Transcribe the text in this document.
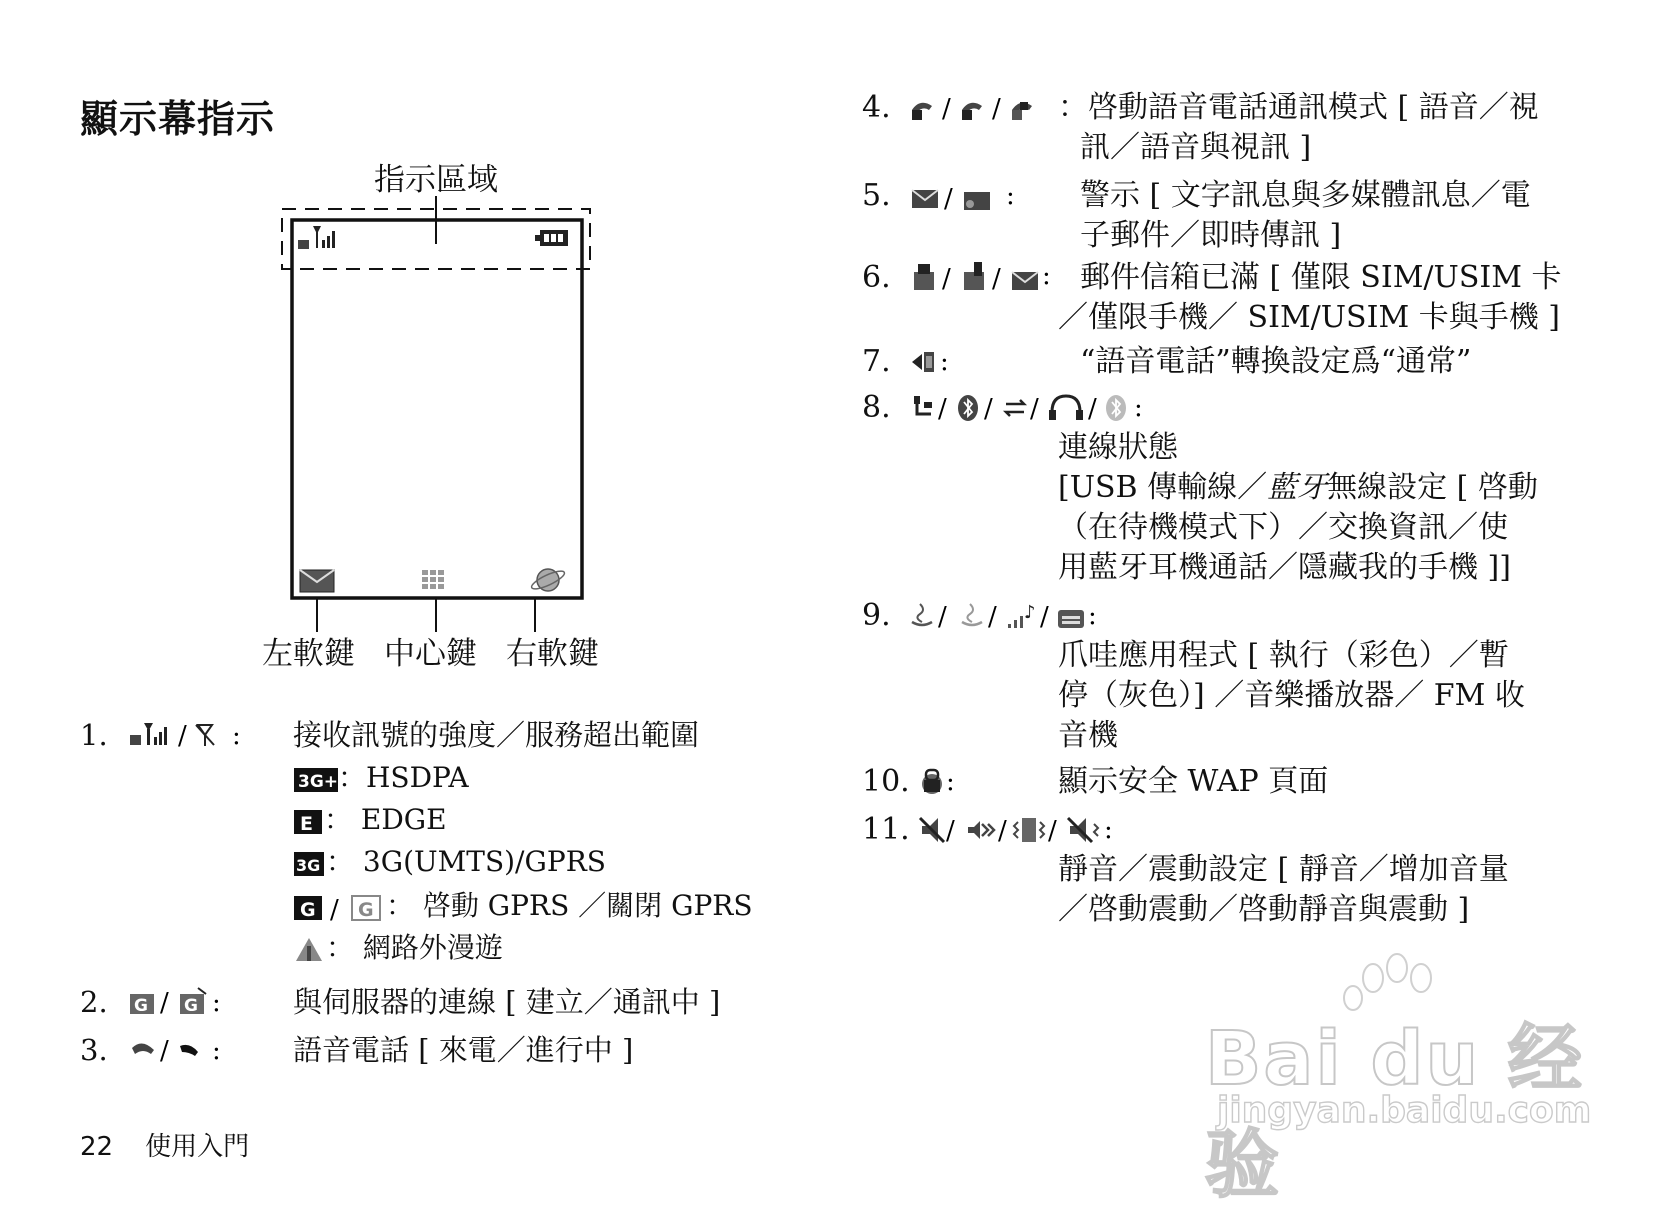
顯示幕指示
指示區域
左軟鍵 中心鍵 右軟鍵
1.	/ : 接收訊號的強度／服務超出範圍
3G+ ：HSDPA
E ： EDGE
3G ： 3G(UMTS)/GPRS
G / G ： 啓動 GPRS ／關閉 GPRS
： 網路外漫遊
2. G / G : 與伺服器的連線 [ 建立／通訊中 ]
3. / : 語音電話 [ 來電／進行中 ]
4. / / ：啓動語音電話通訊模式 [ 語音／視
訊／語音與視訊 ]
5. / : 警示 [ 文字訊息與多媒體訊息／電
子郵件／即時傳訊 ]
6. / / : 郵件信箱已滿 [ 僅限 SIM/USIM 卡
／僅限手機／ SIM/USIM 卡與手機 ]
7. :	“語音電話”轉換設定爲“通常”
8. / / / / :
連線狀態
[USB 傳輸線／藍牙無線設定 [ 啓動
（在待機模式下）／交換資訊／使
用藍牙耳機通話／隱藏我的手機 ]]
9. / / ♪ / :
爪哇應用程式 [ 執行（彩色）／暫
停（灰色）] ／音樂播放器／ FM 收
音機
10. :	顯示安全 WAP 頁面
11. / / / :
靜音／震動設定 [ 靜音／增加音量
／啓動震動／啓動靜音與震動 ]
22 使用入門
Bai du 经验
jingyan.baidu.com
